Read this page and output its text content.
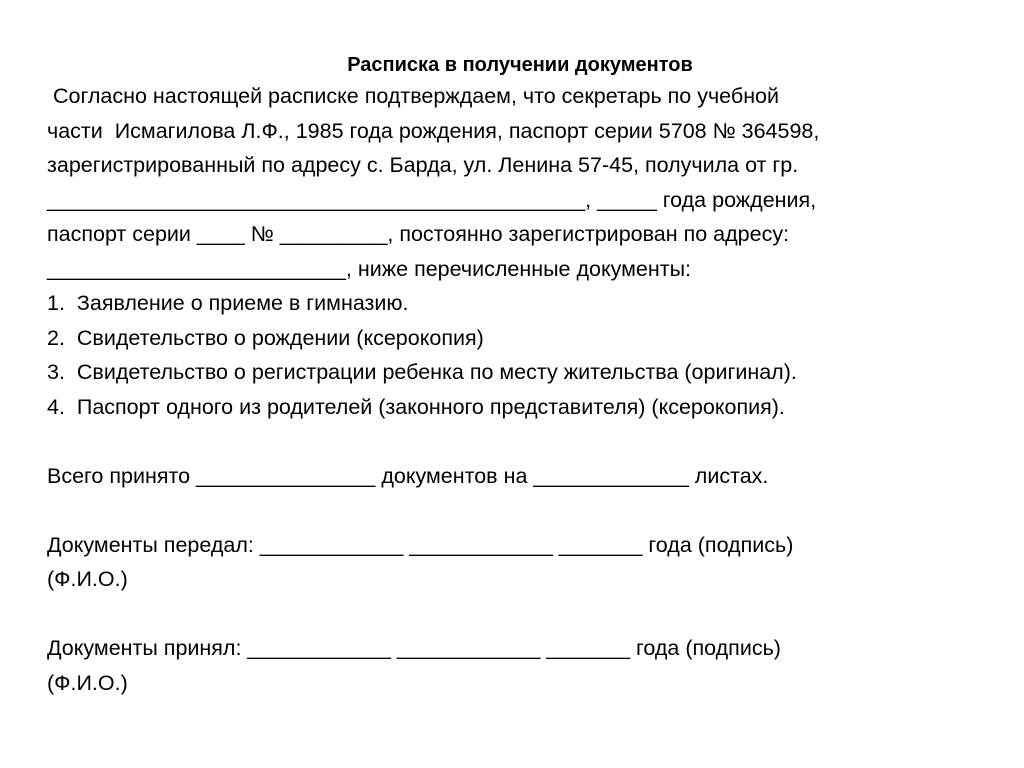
Расписка в получении документов
Согласно настоящей расписке подтверждаем, что секретарь по учебной
части  Исмагилова Л.Ф., 1985 года рождения, паспорт серии 5708 № 364598,
зарегистрированный по адресу с. Барда, ул. Ленина 57-45, получила от гр.
_____________________________________________, _____ года рождения,
паспорт серии ____ № _________, постоянно зарегистрирован по адресу:
_________________________, ниже перечисленные документы:
1.  Заявление о приеме в гимназию.
2.  Свидетельство о рождении (ксерокопия)
3.  Свидетельство о регистрации ребенка по месту жительства (оригинал).
4.  Паспорт одного из родителей (законного представителя) (ксерокопия).
Всего принято _______________ документов на _____________ листах.
Документы передал: ____________ ____________ _______ года (подпись)
(Ф.И.О.)
Документы принял: ____________ ____________ _______ года (подпись)
(Ф.И.О.)
